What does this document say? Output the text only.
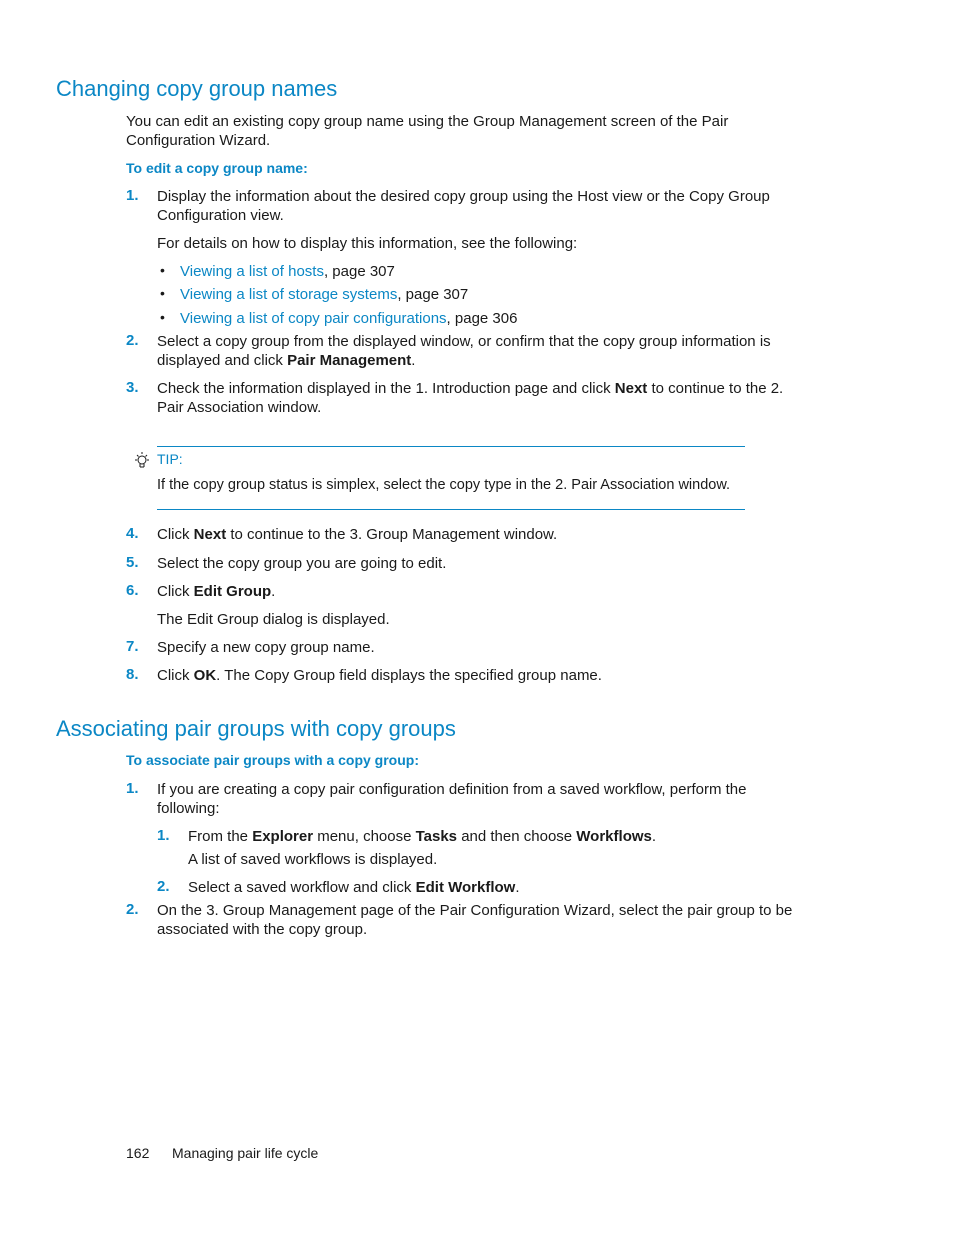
Changing copy group names
You can edit an existing copy group name using the Group Management screen of the Pair Configuration Wizard.
To edit a copy group name:
1.	Display the information about the desired copy group using the Host view or the Copy Group Configuration view.
For details on how to display this information, see the following:
• Viewing a list of hosts, page 307
• Viewing a list of storage systems, page 307
• Viewing a list of copy pair configurations, page 306
2.	Select a copy group from the displayed window, or confirm that the copy group information is displayed and click Pair Management.
3.	Check the information displayed in the 1. Introduction page and click Next to continue to the 2. Pair Association window.
TIP:
If the copy group status is simplex, select the copy type in the 2. Pair Association window.
4.	Click Next to continue to the 3. Group Management window.
5.	Select the copy group you are going to edit.
6.	Click Edit Group.
The Edit Group dialog is displayed.
7.	Specify a new copy group name.
8.	Click OK. The Copy Group field displays the specified group name.
Associating pair groups with copy groups
To associate pair groups with a copy group:
1.	If you are creating a copy pair configuration definition from a saved workflow, perform the following:
1.	From the Explorer menu, choose Tasks and then choose Workflows.
A list of saved workflows is displayed.
2.	Select a saved workflow and click Edit Workflow.
2.	On the 3. Group Management page of the Pair Configuration Wizard, select the pair group to be associated with the copy group.
162 Managing pair life cycle
